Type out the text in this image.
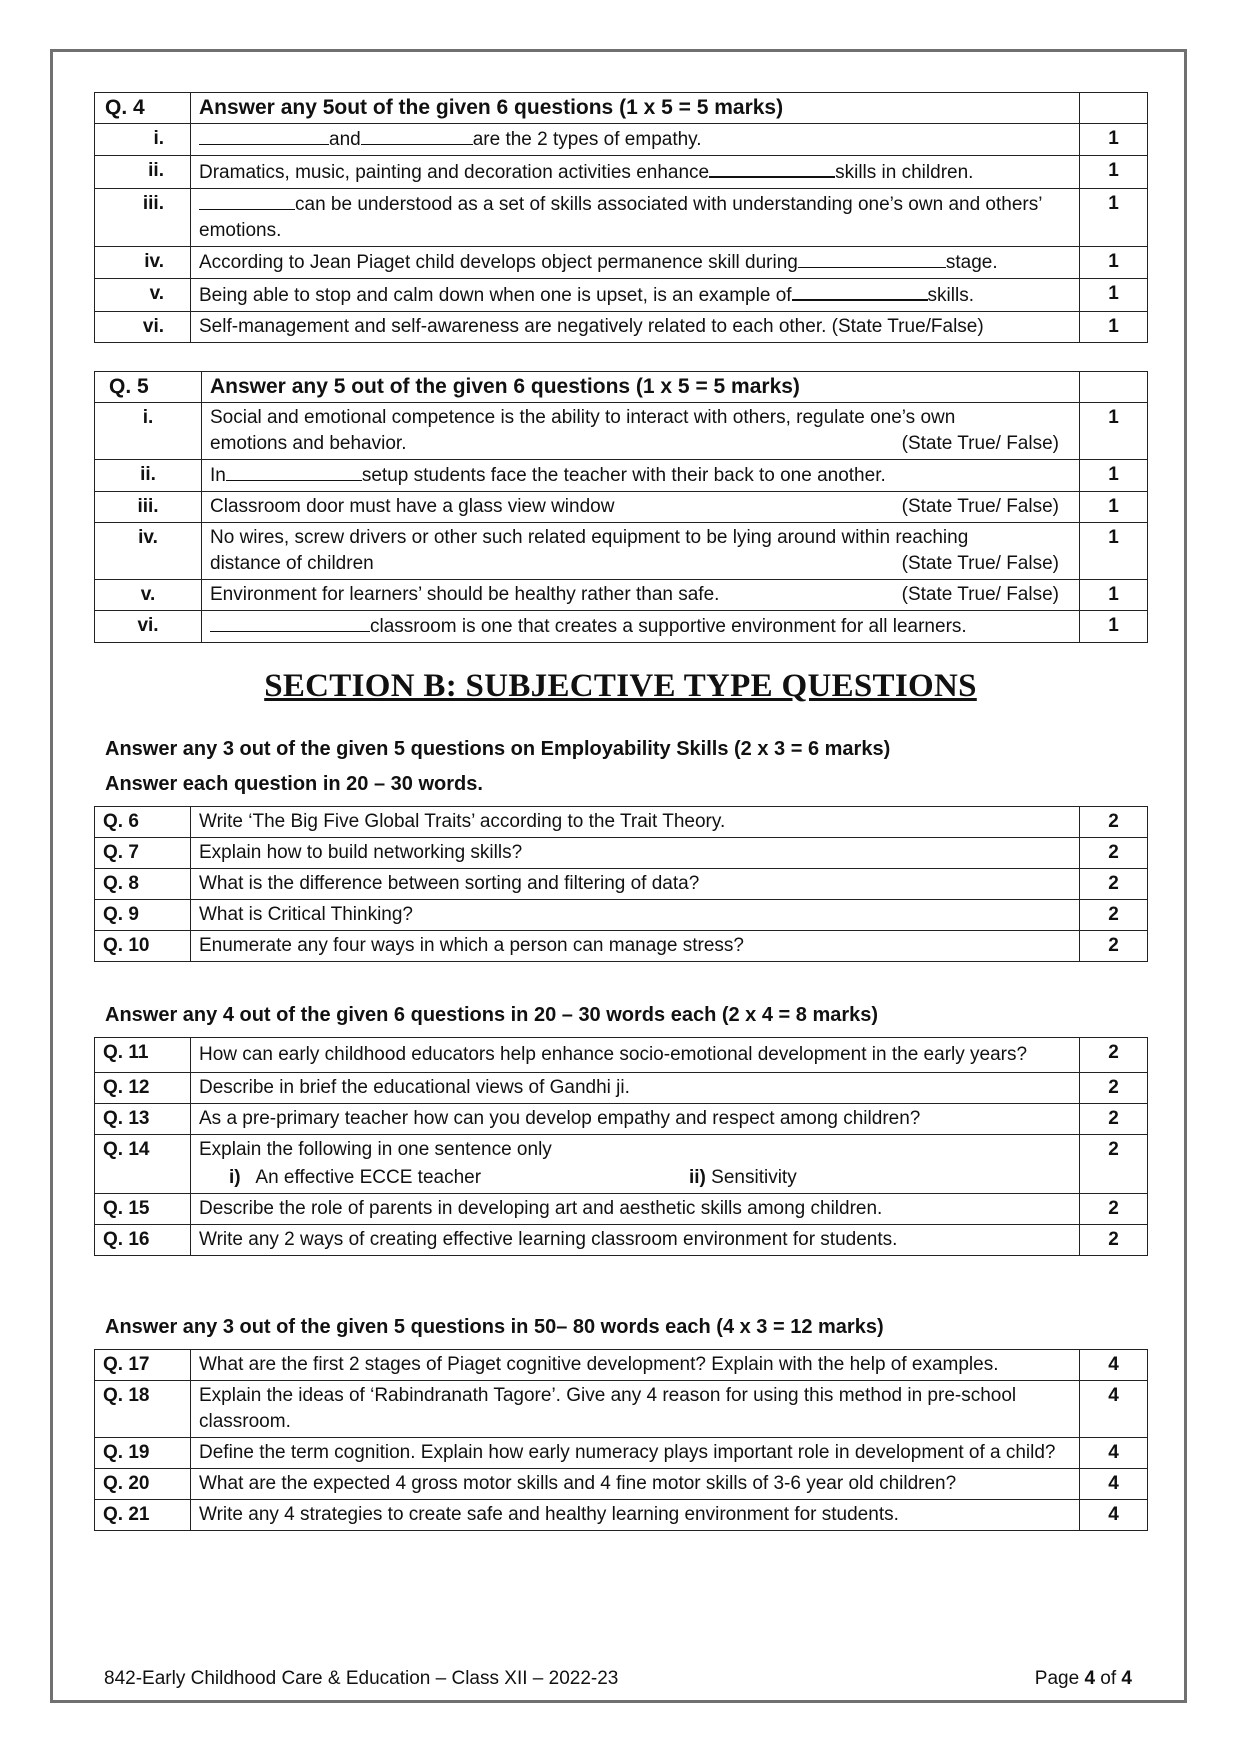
Q. 4	Answer any 5out of the given 6 questions (1 x 5 = 5 marks)	
i.	and are the 2 types of empathy.	1
ii.	Dramatics, music, painting and decoration activities enhance skills in children.	1
iii.	can be understood as a set of skills associated with understanding one’s own and others’ emotions.	1
iv.	According to Jean Piaget child develops object permanence skill during stage.	1
v.	Being able to stop and calm down when one is upset, is an example of skills.	1
vi.	Self-management and self-awareness are negatively related to each other. (State True/False)	1
Q. 5	Answer any 5 out of the given 6 questions (1 x 5 = 5 marks)	
i.	Social and emotional competence is the ability to interact with others, regulate one’s own
emotions and behavior. (State True/ False)	1
ii.	In setup students face the teacher with their back to one another.	1
iii.	Classroom door must have a glass view window (State True/ False)	1
iv.	No wires, screw drivers or other such related equipment to be lying around within reaching
distance of children (State True/ False)	1
v.	Environment for learners’ should be healthy rather than safe. (State True/ False)	1
vi.	classroom is one that creates a supportive environment for all learners.	1
SECTION B: SUBJECTIVE TYPE QUESTIONS
Answer any 3 out of the given 5 questions on Employability Skills (2 x 3 = 6 marks)
Answer each question in 20 – 30 words.
Q. 6	Write ‘The Big Five Global Traits’ according to the Trait Theory.	2
Q. 7	Explain how to build networking skills?	2
Q. 8	What is the difference between sorting and filtering of data?	2
Q. 9	What is Critical Thinking?	2
Q. 10	Enumerate any four ways in which a person can manage stress?	2
Answer any 4 out of the given 6 questions in 20 – 30 words each (2 x 4 = 8 marks)
Q. 11	How can early childhood educators help enhance socio-emotional development in the early years?	2
Q. 12	Describe in brief the educational views of Gandhi ji.	2
Q. 13	As a pre-primary teacher how can you develop empathy and respect among children?	2
Q. 14	Explain the following in one sentence only
i) An effective ECCE teacher ii) Sensitivity	2
Q. 15	Describe the role of parents in developing art and aesthetic skills among children.	2
Q. 16	Write any 2 ways of creating effective learning classroom environment for students.	2
Answer any 3 out of the given 5 questions in 50– 80 words each (4 x 3 = 12 marks)
Q. 17	What are the first 2 stages of Piaget cognitive development? Explain with the help of examples.	4
Q. 18	Explain the ideas of ‘Rabindranath Tagore’. Give any 4 reason for using this method in pre-school classroom.	4
Q. 19	Define the term cognition. Explain how early numeracy plays important role in development of a child?	4
Q. 20	What are the expected 4 gross motor skills and 4 fine motor skills of 3-6 year old children?	4
Q. 21	Write any 4 strategies to create safe and healthy learning environment for students.	4
842-Early Childhood Care & Education – Class XII – 2022-23	Page 4 of 4
